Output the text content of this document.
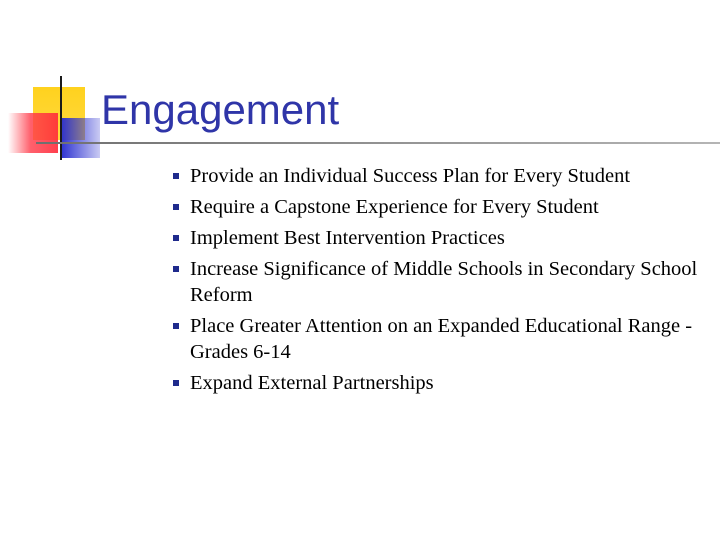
Engagement
Provide an Individual Success Plan for Every Student
Require a Capstone Experience for Every Student
Implement Best Intervention Practices
Increase Significance of Middle Schools in Secondary School Reform
Place Greater Attention on an Expanded Educational Range - Grades 6-14
Expand External Partnerships
